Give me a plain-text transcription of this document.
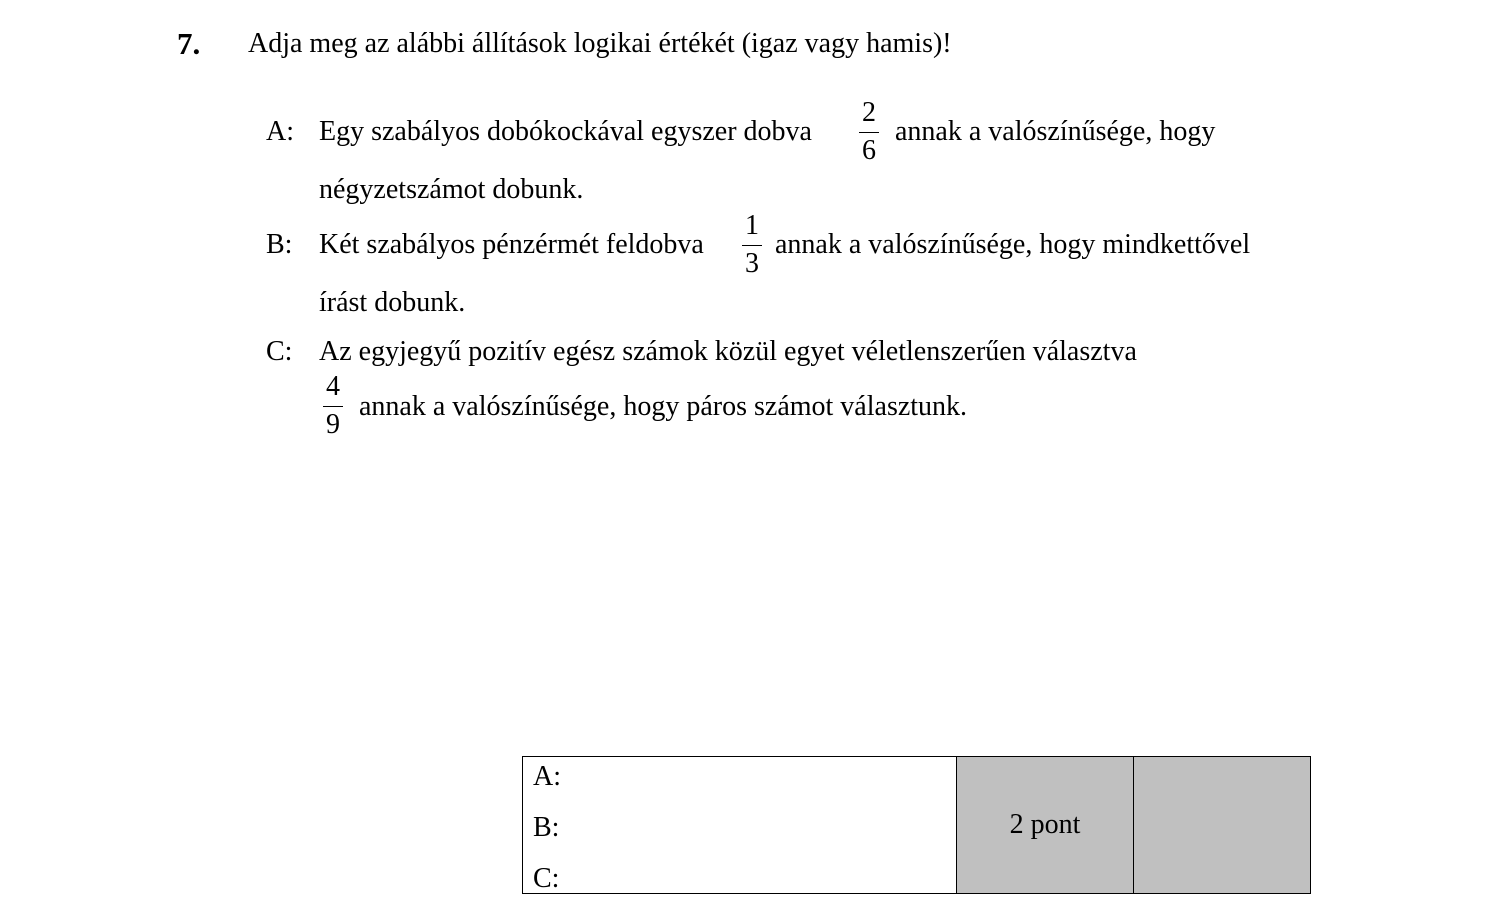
7. Adja meg az alábbi állítások logikai értékét (igaz vagy hamis)!
A: Egy szabályos dobókockával egyszer dobva
2
6
annak a valószínűsége, hogy
négyzetszámot dobunk.
B: Két szabályos pénzérmét feldobva
1
3
annak a valószínűsége, hogy mindkettővel
írást dobunk.
C: Az egyjegyű pozitív egész számok közül egyet véletlenszerűen választva
4
9
annak a valószínűsége, hogy páros számot választunk.
A:
B:
C:
	2 pont	
